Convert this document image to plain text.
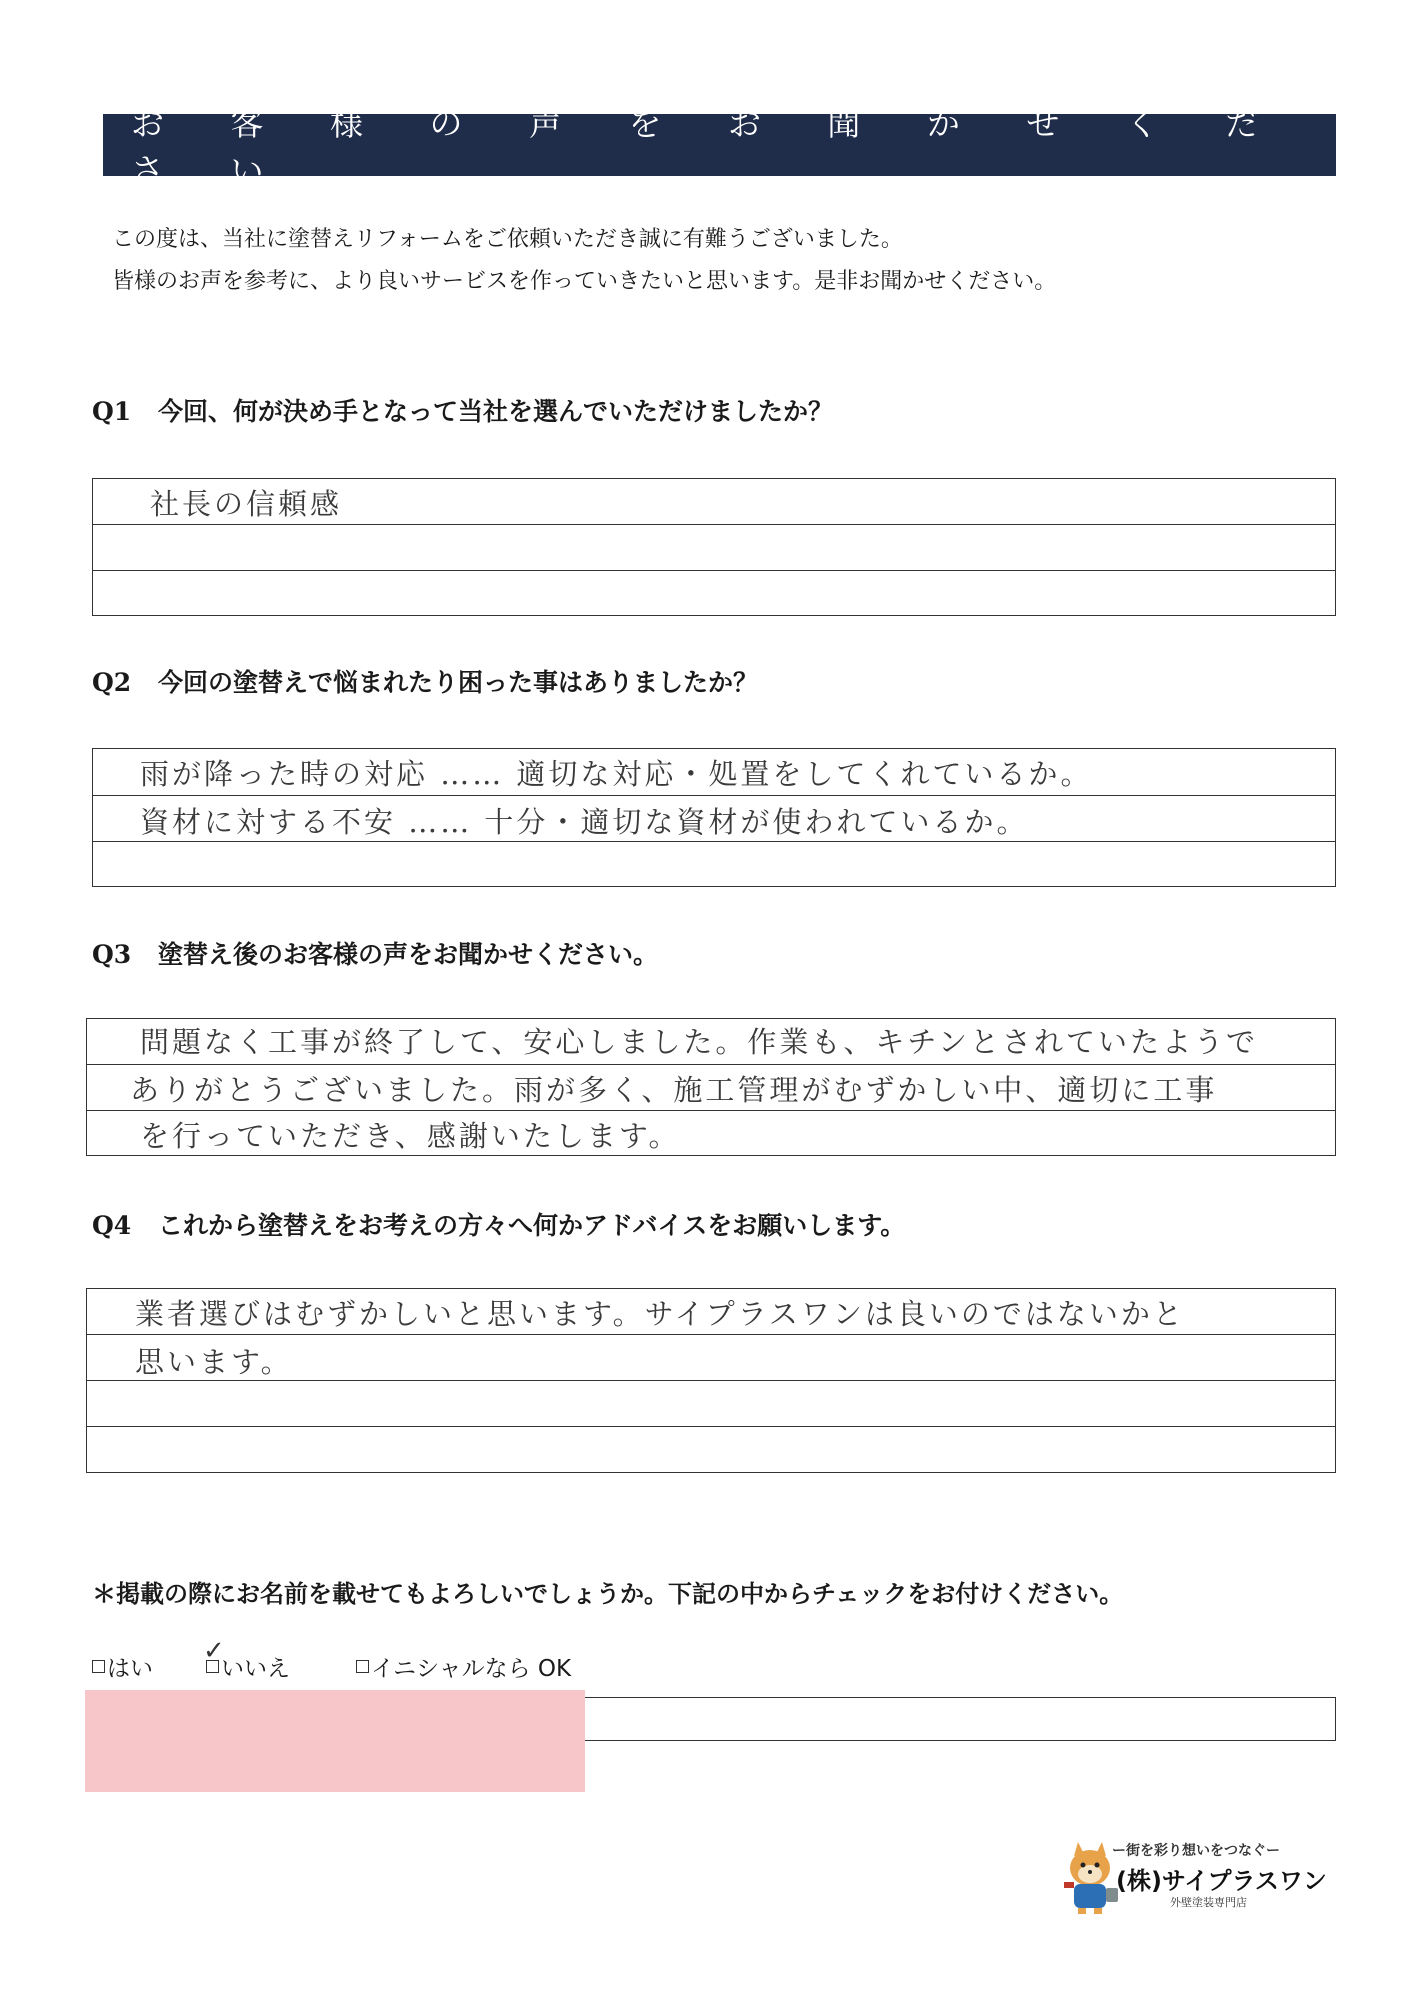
お 客 様 の 声 を お 聞 か せ く だ さ い
この度は、当社に塗替えリフォームをご依頼いただき誠に有難うございました。
皆様のお声を参考に、より良いサービスを作っていきたいと思います。是非お聞かせください。
Q1 今回、何が決め手となって当社を選んでいただけましたか？
社長の信頼感
Q2 今回の塗替えで悩まれたり困った事はありましたか？
雨が降った時の対応 …… 適切な対応・処置をしてくれているか。
資材に対する不安 …… 十分・適切な資材が使われているか。
Q3 塗替え後のお客様の声をお聞かせください。
問題なく工事が終了して、安心しました。作業も、キチンとされていたようで
ありがとうございました。雨が多く、施工管理がむずかしい中、適切に工事
を行っていただき、感謝いたします。
Q4 これから塗替えをお考えの方々へ何かアドバイスをお願いします。
業者選びはむずかしいと思います。サイプラスワンは良いのではないかと
思います。
＊掲載の際にお名前を載せてもよろしいでしょうか。下記の中からチェックをお付けください。
はい	いいえ
✓
イニシャルなら OK
ー街を彩り想いをつなぐー
(株)サイプラスワン
外壁塗装専門店
